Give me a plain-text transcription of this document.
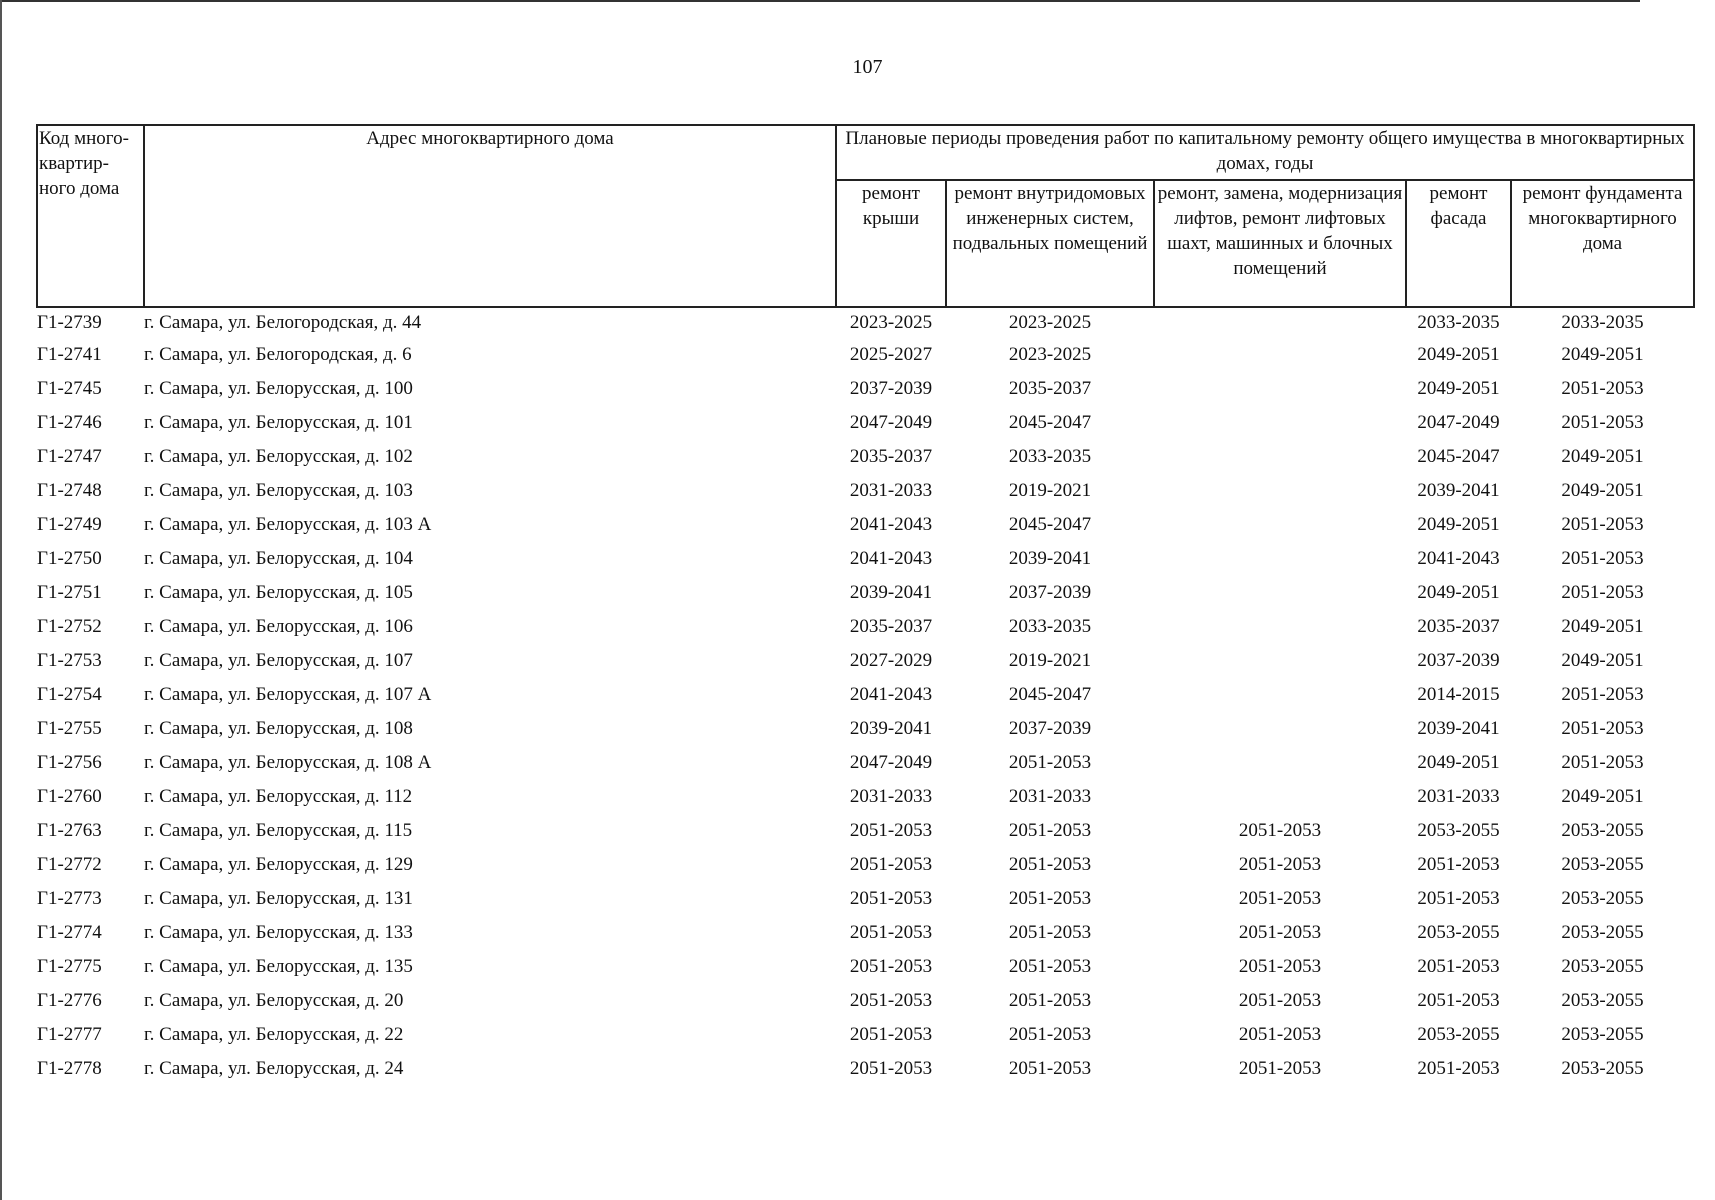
107
Код много-квартир-ного дома	Адрес многоквартирного дома	Плановые периоды проведения работ по капитальному ремонту общего имущества в многоквартирных домах, годы				
		ремонт крыши	ремонт внутридомовых инженерных систем, подвальных помещений	ремонт, замена, модернизация лифтов, ремонт лифтовых шахт, машинных и блочных помещений	ремонт фасада	ремонт фундамента многоквартирного дома
Г1-2739	г. Самара, ул. Белогородская, д. 44	2023-2025	2023-2025		2033-2035	2033-2035
Г1-2741	г. Самара, ул. Белогородская, д. 6	2025-2027	2023-2025		2049-2051	2049-2051
Г1-2745	г. Самара, ул. Белорусская, д. 100	2037-2039	2035-2037		2049-2051	2051-2053
Г1-2746	г. Самара, ул. Белорусская, д. 101	2047-2049	2045-2047		2047-2049	2051-2053
Г1-2747	г. Самара, ул. Белорусская, д. 102	2035-2037	2033-2035		2045-2047	2049-2051
Г1-2748	г. Самара, ул. Белорусская, д. 103	2031-2033	2019-2021		2039-2041	2049-2051
Г1-2749	г. Самара, ул. Белорусская, д. 103 А	2041-2043	2045-2047		2049-2051	2051-2053
Г1-2750	г. Самара, ул. Белорусская, д. 104	2041-2043	2039-2041		2041-2043	2051-2053
Г1-2751	г. Самара, ул. Белорусская, д. 105	2039-2041	2037-2039		2049-2051	2051-2053
Г1-2752	г. Самара, ул. Белорусская, д. 106	2035-2037	2033-2035		2035-2037	2049-2051
Г1-2753	г. Самара, ул. Белорусская, д. 107	2027-2029	2019-2021		2037-2039	2049-2051
Г1-2754	г. Самара, ул. Белорусская, д. 107 А	2041-2043	2045-2047		2014-2015	2051-2053
Г1-2755	г. Самара, ул. Белорусская, д. 108	2039-2041	2037-2039		2039-2041	2051-2053
Г1-2756	г. Самара, ул. Белорусская, д. 108 А	2047-2049	2051-2053		2049-2051	2051-2053
Г1-2760	г. Самара, ул. Белорусская, д. 112	2031-2033	2031-2033		2031-2033	2049-2051
Г1-2763	г. Самара, ул. Белорусская, д. 115	2051-2053	2051-2053	2051-2053	2053-2055	2053-2055
Г1-2772	г. Самара, ул. Белорусская, д. 129	2051-2053	2051-2053	2051-2053	2051-2053	2053-2055
Г1-2773	г. Самара, ул. Белорусская, д. 131	2051-2053	2051-2053	2051-2053	2051-2053	2053-2055
Г1-2774	г. Самара, ул. Белорусская, д. 133	2051-2053	2051-2053	2051-2053	2053-2055	2053-2055
Г1-2775	г. Самара, ул. Белорусская, д. 135	2051-2053	2051-2053	2051-2053	2051-2053	2053-2055
Г1-2776	г. Самара, ул. Белорусская, д. 20	2051-2053	2051-2053	2051-2053	2051-2053	2053-2055
Г1-2777	г. Самара, ул. Белорусская, д. 22	2051-2053	2051-2053	2051-2053	2053-2055	2053-2055
Г1-2778	г. Самара, ул. Белорусская, д. 24	2051-2053	2051-2053	2051-2053	2051-2053	2053-2055
